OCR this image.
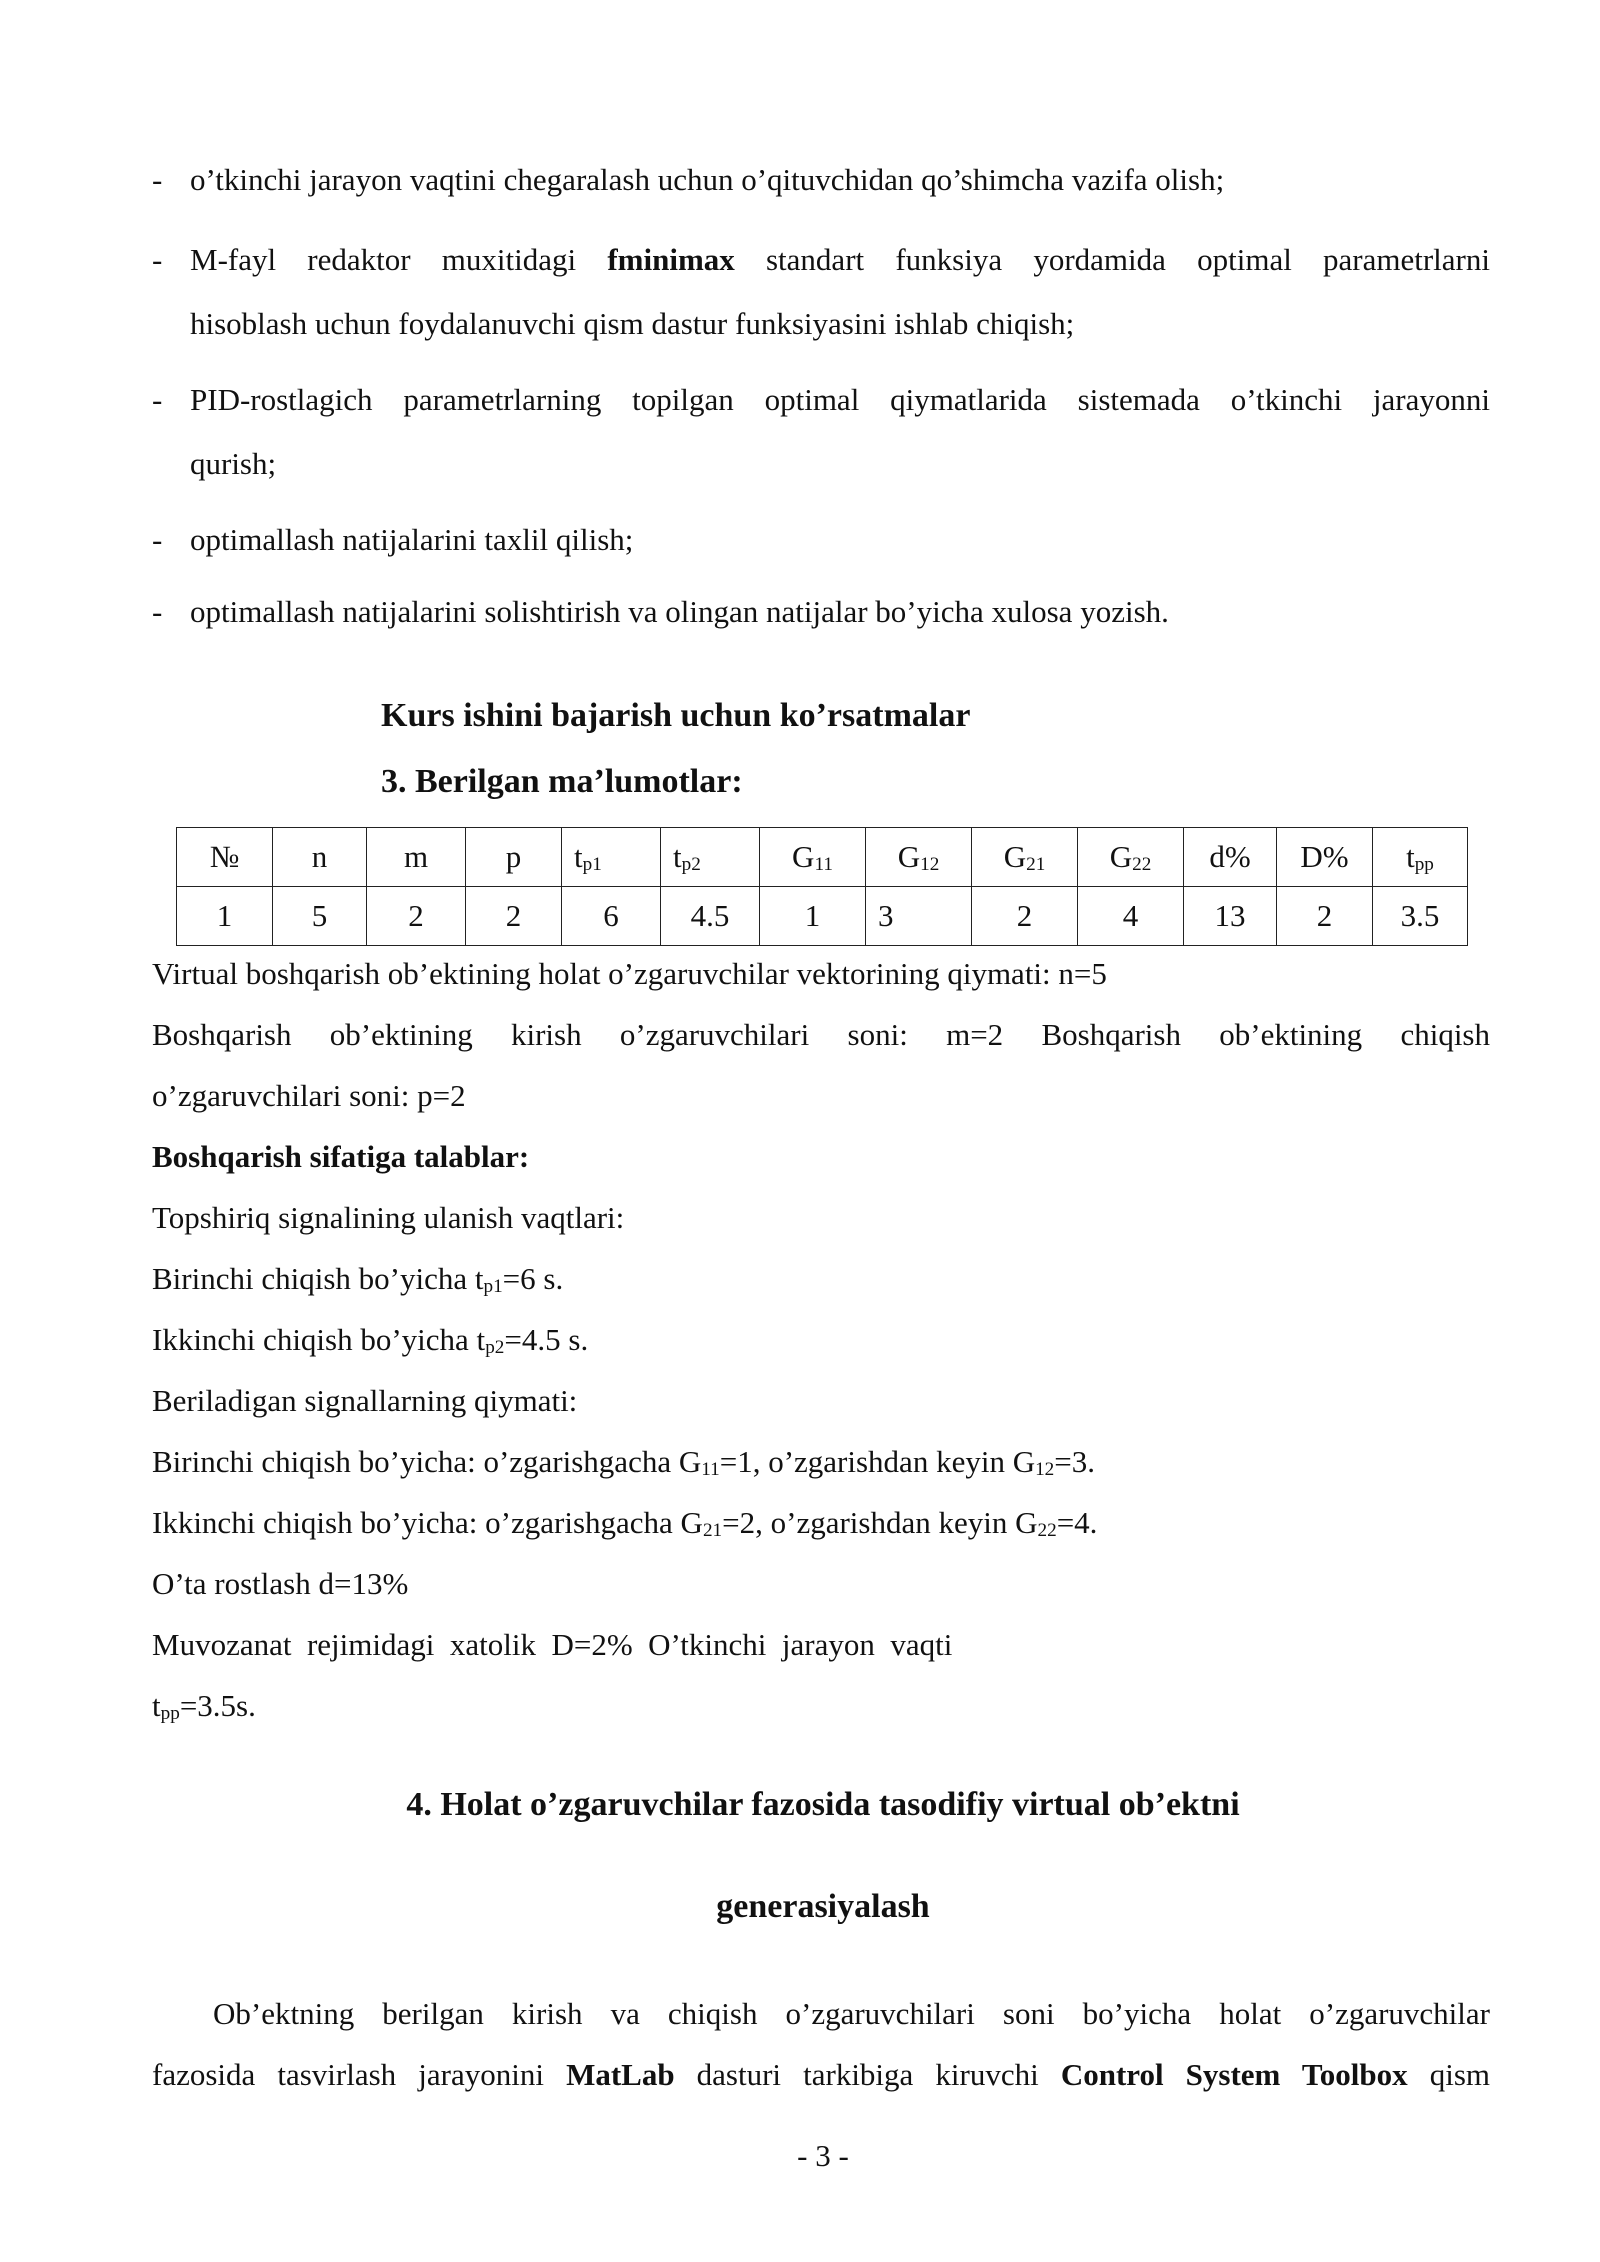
- o’tkinchi jarayon vaqtini chegaralash uchun o’qituvchidan qo’shimcha vazifa olish;
- M-fayl redaktor muxitidagi fminimax standart funksiya yordamida optimal parametrlarni
hisoblash uchun foydalanuvchi qism dastur funksiyasini ishlab chiqish;
- PID-rostlagich parametrlarning topilgan optimal qiymatlarida sistemada o’tkinchi jarayonni
qurish;
- optimallash natijalarini taxlil qilish;
- optimallash natijalarini solishtirish va olingan natijalar bo’yicha xulosa yozish.
Kurs ishini bajarish uchun ko’rsatmalar
3. Berilgan ma’lumotlar:
№	n	m	p	$t_{p1}$	$t_{p2}$	$G_{11}$	$G_{12}$	$G_{21}$	$G_{22}$	d%	D%	$t_{pp}$
1	5	2	2	6	4.5	1	3	2	4	13	2	3.5
Virtual boshqarish ob’ektining holat o’zgaruvchilar vektorining qiymati: n=5
Boshqarish ob’ektining kirish o’zgaruvchilari soni: m=2 Boshqarish ob’ektining chiqish
o’zgaruvchilari soni: p=2
Boshqarish sifatiga talablar:
Topshiriq signalining ulanish vaqtlari:
Birinchi chiqish bo’yicha $t_{p1}=6$ s.
Ikkinchi chiqish bo’yicha $t_{p2}=4.5$ s.
Beriladigan signallarning qiymati:
Birinchi chiqish bo’yicha: o’zgarishgacha $G_{11}=1$, o’zgarishdan keyin $G_{12}=3$.
Ikkinchi chiqish bo’yicha: o’zgarishgacha $G_{21}=2$, o’zgarishdan keyin $G_{22}=4$.
O’ta rostlash d=13%
Muvozanat  rejimidagi  xatolik  D=2%  O’tkinchi  jarayon  vaqti
$t_{pp}=3.5s$.
4. Holat o’zgaruvchilar fazosida tasodifiy virtual ob’ektni
generasiyalash
Ob’ektning berilgan kirish va chiqish o’zgaruvchilari soni bo’yicha holat o’zgaruvchilar
fazosida tasvirlash jarayonini MatLab dasturi tarkibiga kiruvchi Control System Toolbox qism
- 3 -
